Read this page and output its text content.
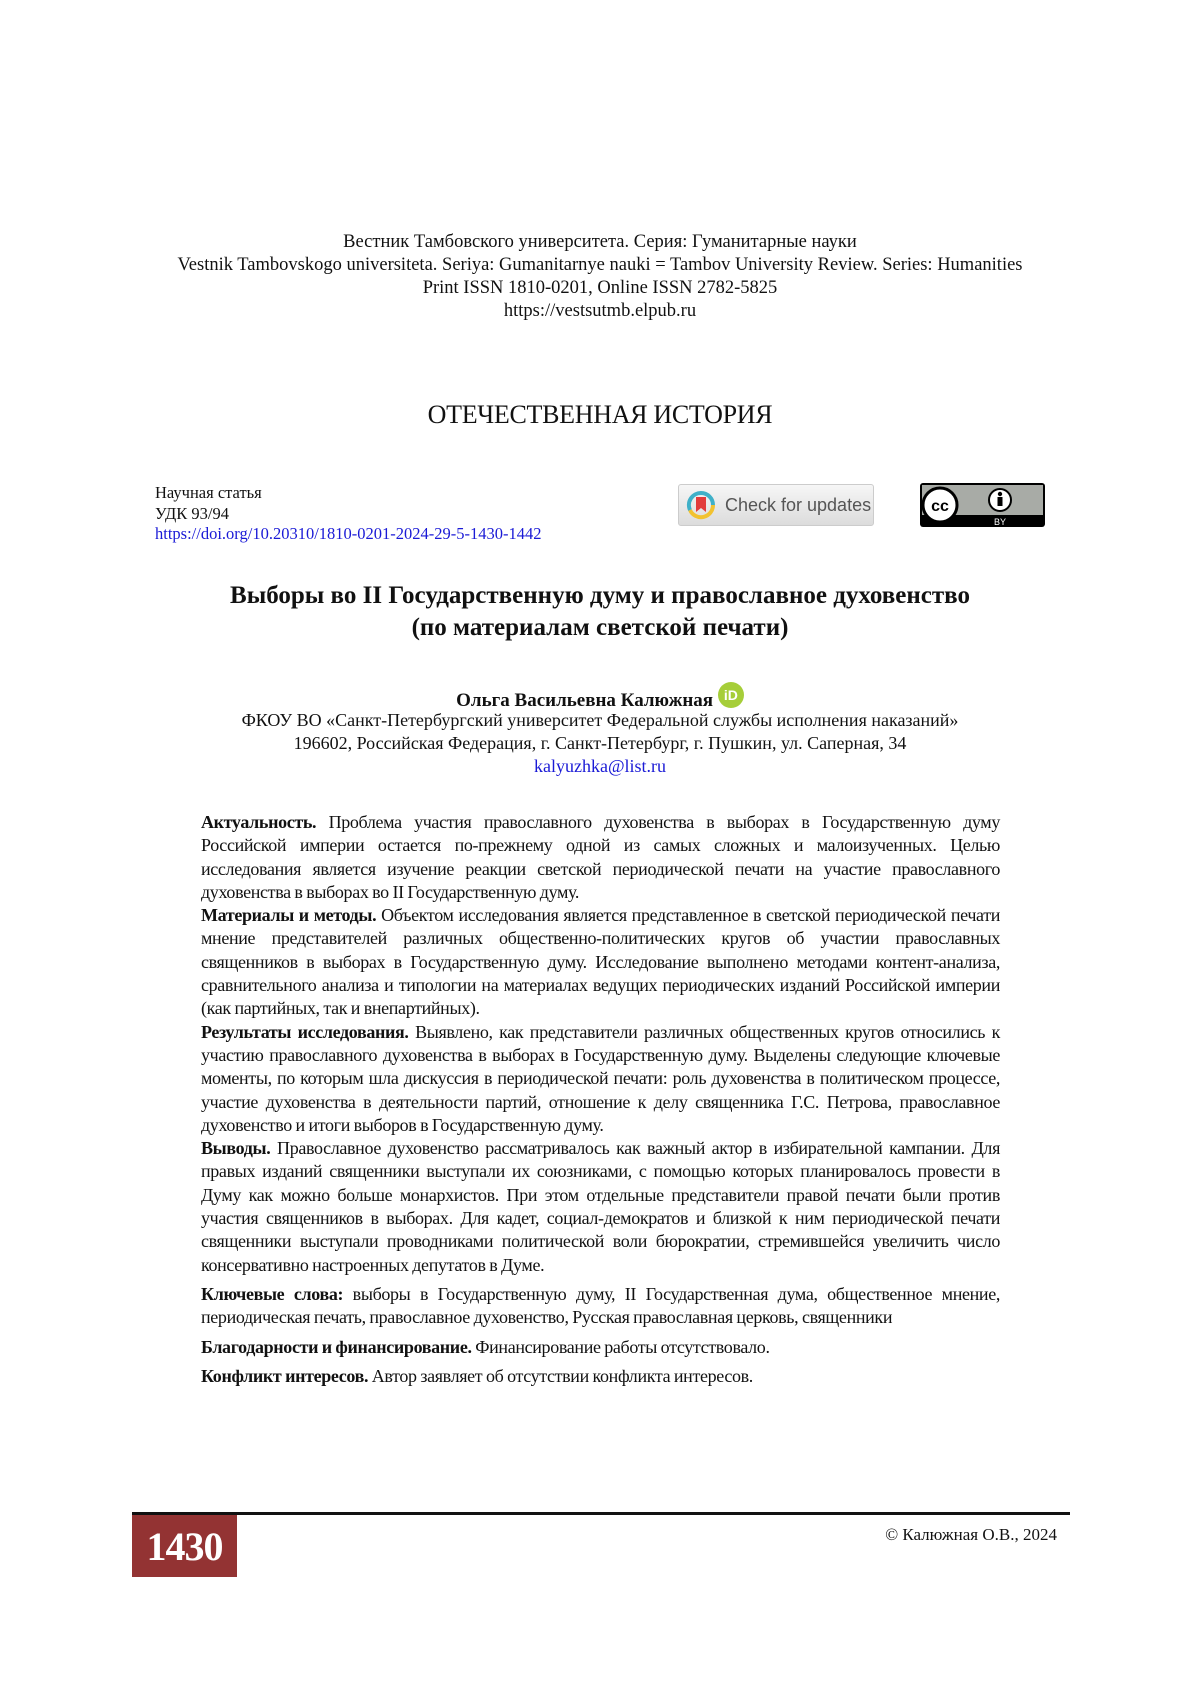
Вестник Тамбовского университета. Серия: Гуманитарные науки
Vestnik Tambovskogo universiteta. Seriya: Gumanitarnye nauki = Tambov University Review. Series: Humanities
Print ISSN 1810-0201, Online ISSN 2782-5825
https://vestsutmb.elpub.ru
ОТЕЧЕСТВЕННАЯ ИСТОРИЯ
Научная статья
УДК 93/94
https://doi.org/10.20310/1810-0201-2024-29-5-1430-1442
Check for updates	cc
BY
Выборы во II Государственную думу и православное духовенство
(по материалам светской печати)
Ольга Васильевна Калюжная iD
ФКОУ ВО «Санкт-Петербургский университет Федеральной службы исполнения наказаний»
196602, Российская Федерация, г. Санкт-Петербург, г. Пушкин, ул. Саперная, 34
kalyuzhka@list.ru

Актуальность. Проблема участия православного духовенства в выборах в Государственную думу Российской империи остается по-прежнему одной из самых сложных и малоизученных. Целью исследования является изучение реакции светской периодической печати на участие православного духовенства в выборах во II Государственную думу.

Материалы и методы. Объектом исследования является представленное в светской периодической печати мнение представителей различных общественно-политических кругов об участии православных священников в выборах в Государственную думу. Исследование выполнено методами контент-анализа, сравнительного анализа и типологии на материалах ведущих периодических изданий Российской империи (как партийных, так и внепартийных).

Результаты исследования. Выявлено, как представители различных общественных кругов относились к участию православного духовенства в выборах в Государственную думу. Выделены следующие ключевые моменты, по которым шла дискуссия в периодической печати: роль духовенства в политическом процессе, участие духовенства в деятельности партий, отношение к делу священника Г.С. Петрова, православное духовенство и итоги выборов в Государственную думу.

Выводы. Православное духовенство рассматривалось как важный актор в избирательной кампании. Для правых изданий священники выступали их союзниками, с помощью которых планировалось провести в Думу как можно больше монархистов. При этом отдельные представители правой печати были против участия священников в выборах. Для кадет, социал-демократов и близкой к ним периодической печати священники выступали проводниками политической воли бюрократии, стремившейся увеличить число консервативно настроенных депутатов в Думе.

Ключевые слова: выборы в Государственную думу, II Государственная дума, общественное мнение, периодическая печать, православное духовенство, Русская православная церковь, священники

Благодарности и финансирование. Финансирование работы отсутствовало.

Конфликт интересов. Автор заявляет об отсутствии конфликта интересов.

1430	© Калюжная О.В., 2024
